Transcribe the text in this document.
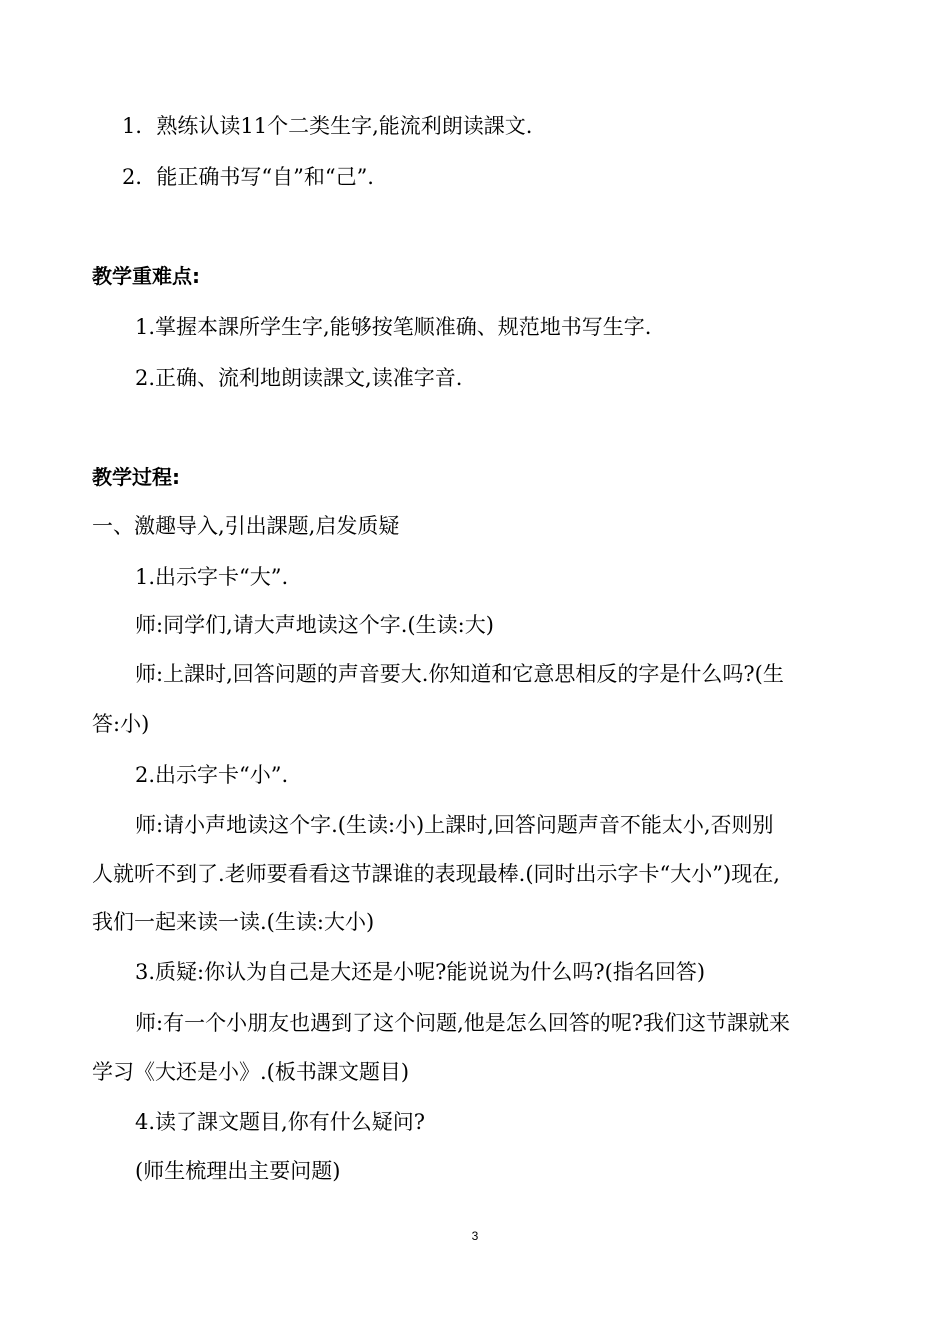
1．熟练认读11个二类生字,能流利朗读課文.
2．能正确书写“自”和“己”.
教学重难点:
1.掌握本課所学生字,能够按笔顺准确、规范地书写生字.
2.正确、流利地朗读課文,读准字音.
教学过程:
一、激趣导入,引出課题,启发质疑
1.出示字卡“大”.
师:同学们,请大声地读这个字.(生读:大)
师:上課时,回答问题的声音要大.你知道和它意思相反的字是什么吗?(生
答:小)
2.出示字卡“小”.
师:请小声地读这个字.(生读:小)上課时,回答问题声音不能太小,否则别
人就听不到了.老师要看看这节課谁的表现最棒.(同时出示字卡“大小”)现在,
我们一起来读一读.(生读:大小)
3.质疑:你认为自己是大还是小呢?能说说为什么吗?(指名回答)
师:有一个小朋友也遇到了这个问题,他是怎么回答的呢?我们这节課就来
学习《大还是小》.(板书課文题目)
4.读了課文题目,你有什么疑问?
(师生梳理出主要问题)
3
